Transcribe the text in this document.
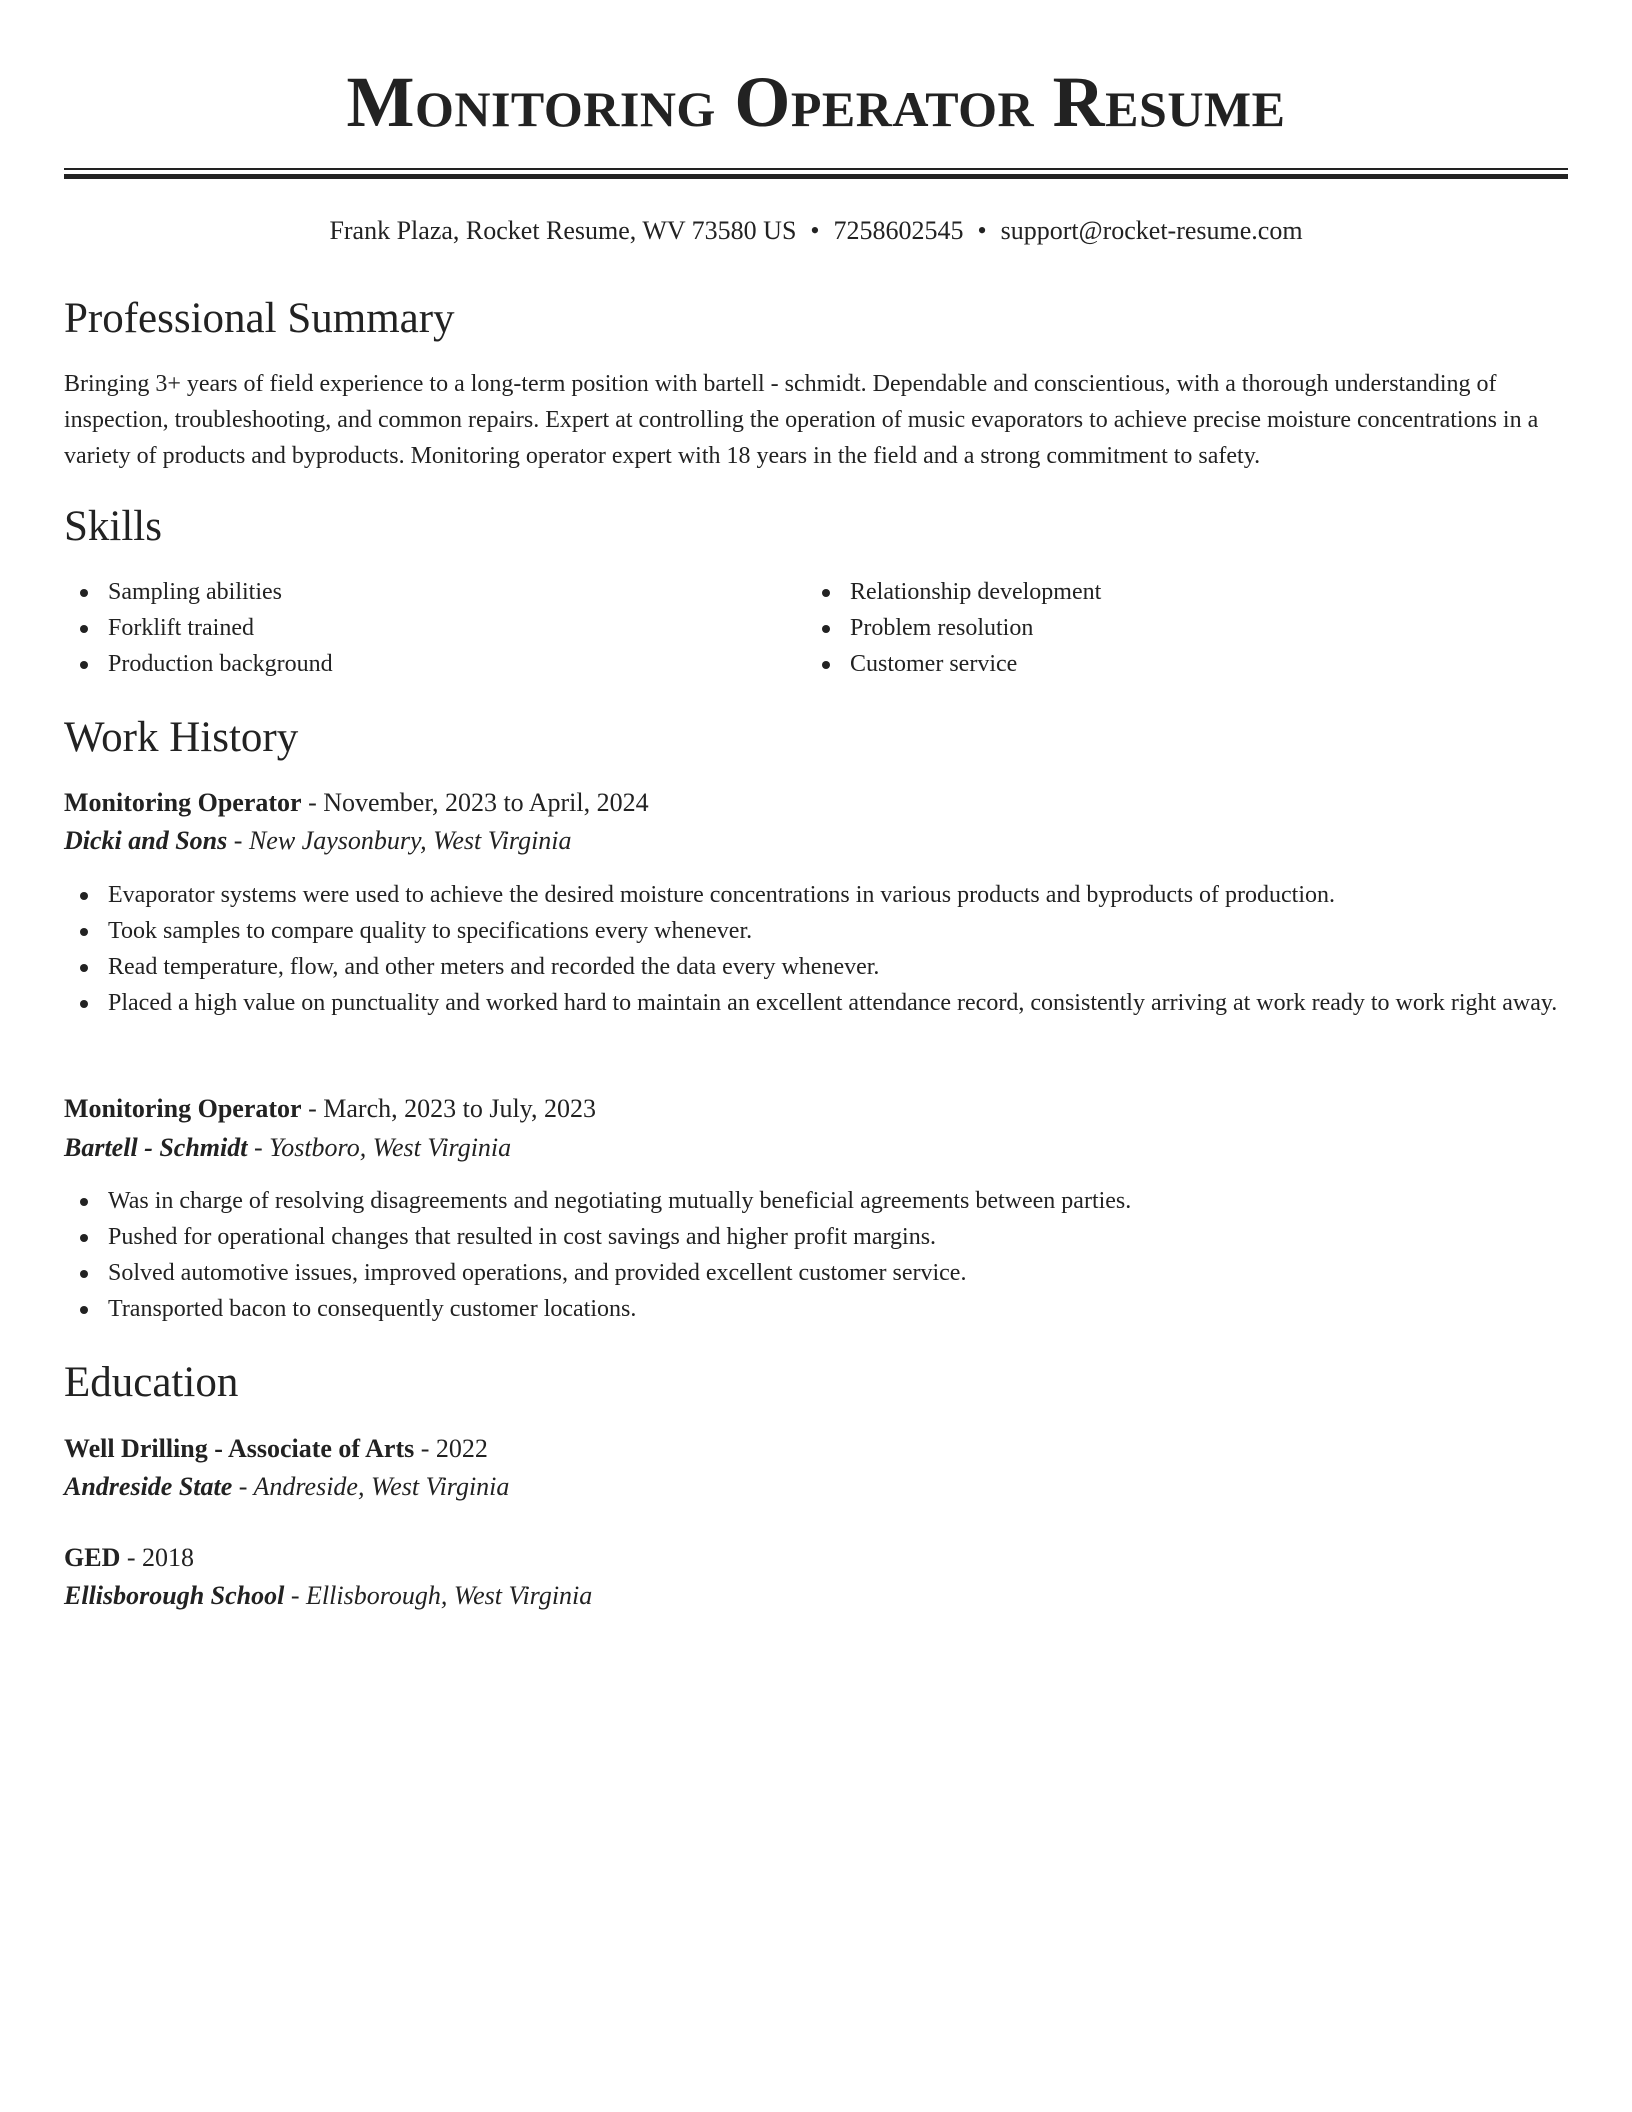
Monitoring Operator Resume
Frank Plaza, Rocket Resume, WV 73580 US • 7258602545 • support@rocket-resume.com
Professional Summary

Bringing 3+ years of field experience to a long-term position with bartell - schmidt. Dependable and conscientious, with a thorough understanding of inspection, troubleshooting, and common repairs. Expert at controlling the operation of music evaporators to achieve precise moisture concentrations in a variety of products and byproducts. Monitoring operator expert with 18 years in the field and a strong commitment to safety.

Skills
Sampling abilities
Forklift trained
Production background
Relationship development
Problem resolution
Customer service
Work History
Monitoring Operator - November, 2023 to April, 2024
Dicki and Sons - New Jaysonbury, West Virginia
Evaporator systems were used to achieve the desired moisture concentrations in various products and byproducts of production.
Took samples to compare quality to specifications every whenever.
Read temperature, flow, and other meters and recorded the data every whenever.
Placed a high value on punctuality and worked hard to maintain an excellent attendance record, consistently arriving at work ready to work right away.
Monitoring Operator - March, 2023 to July, 2023
Bartell - Schmidt - Yostboro, West Virginia
Was in charge of resolving disagreements and negotiating mutually beneficial agreements between parties.
Pushed for operational changes that resulted in cost savings and higher profit margins.
Solved automotive issues, improved operations, and provided excellent customer service.
Transported bacon to consequently customer locations.
Education
Well Drilling - Associate of Arts - 2022
Andreside State - Andreside, West Virginia
GED - 2018
Ellisborough School - Ellisborough, West Virginia
